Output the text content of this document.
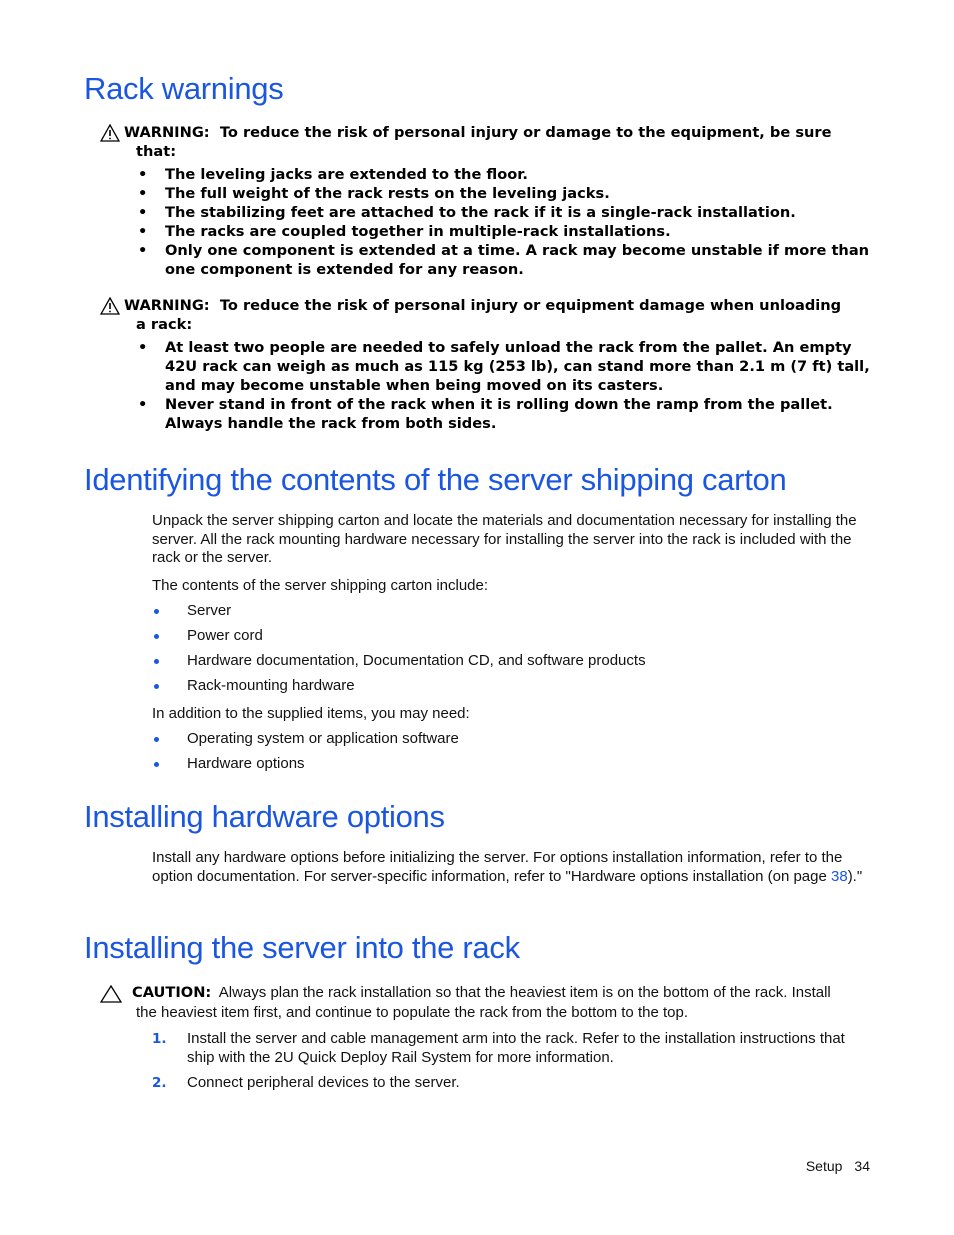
Rack warnings
WARNING: To reduce the risk of personal injury or damage to the equipment, be sure
that:
• The leveling jacks are extended to the floor.
• The full weight of the rack rests on the leveling jacks.
• The stabilizing feet are attached to the rack if it is a single-rack installation.
• The racks are coupled together in multiple-rack installations.
• Only one component is extended at a time. A rack may become unstable if more than one component is extended for any reason.
WARNING: To reduce the risk of personal injury or equipment damage when unloading
a rack:
• At least two people are needed to safely unload the rack from the pallet. An empty 42U rack can weigh as much as 115 kg (253 lb), can stand more than 2.1 m (7 ft) tall, and may become unstable when being moved on its casters.
• Never stand in front of the rack when it is rolling down the ramp from the pallet. Always handle the rack from both sides.
Identifying the contents of the server shipping carton

Unpack the server shipping carton and locate the materials and documentation necessary for installing the server. All the rack mounting hardware necessary for installing the server into the rack is included with the rack or the server.

The contents of the server shipping carton include:

Server
Power cord
Hardware documentation, Documentation CD, and software products
Rack-mounting hardware

In addition to the supplied items, you may need:

Operating system or application software
Hardware options
Installing hardware options

Install any hardware options before initializing the server. For options installation information, refer to the option documentation. For server-specific information, refer to "Hardware options installation (on page 38)."

Installing the server into the rack
CAUTION: Always plan the rack installation so that the heaviest item is on the bottom of the rack. Install
the heaviest item first, and continue to populate the rack from the bottom to the top.
1. Install the server and cable management arm into the rack. Refer to the installation instructions that ship with the 2U Quick Deploy Rail System for more information.
2. Connect peripheral devices to the server.
Setup 34
